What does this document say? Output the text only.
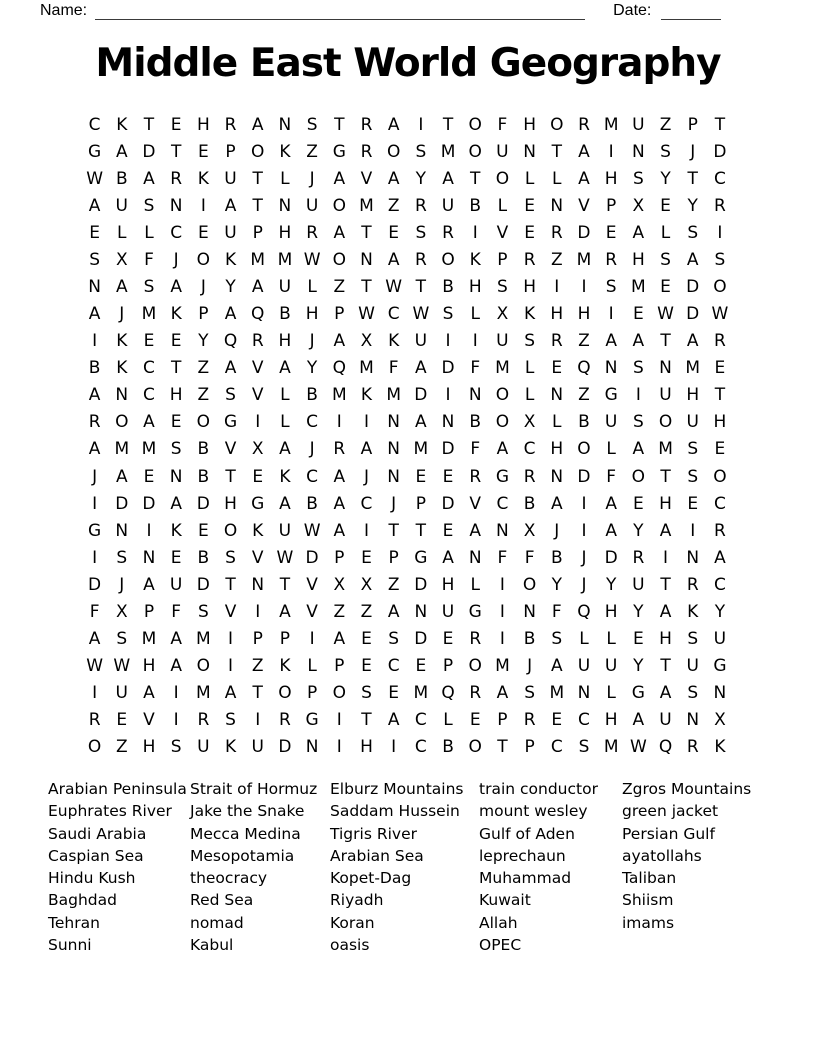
Name:	Date:
Middle East World Geography
C K T E H R A N S T R A	I	T O F H O R M U Z P T
G A D T E P O K Z G R O S M O U N T A	I	N S	J	D
W B A R K U T	L	J	A V A Y A T O L	L A H S Y T C
A U S N	I	A T N U O M Z R U B L	E N V P X E Y R
E	L	L C E U P H R A T E S R	I	V E R D E A L	S	I
S X F	J	O K M M W O N A R O K P R Z M R H S A S
N A S A	J	Y A U L Z T W T B H S H	I	I	S M E D O
A	J	M K P A Q B H P W C W S	L X K H H	I	E W D W
I	K E E Y Q R H	J	A X K U	I	I	U S R Z A A T A R
B K C T Z A V A Y Q M F A D F M L	E Q N S N M E
A N C H Z S V L B M K M D	I	N O L N Z G	I	U H T
R O A E O G	I	L C	I	I	N A N B O X L B U S O U H
A M M S B V X A	J	R A N M D F A C H O L A M S E
J	A E N B T E K C A	J	N E E R G R N D F O T S O
I	D D A D H G A B A C	J	P D V C B A	I	A E H E C
G N	I	K E O K U W A	I	T T E A N X	J	I	A Y A	I	R
I	S N E B S V W D P E P G A N F	F B	J	D R	I	N A
D	J	A U D T N T V X X Z D H L	I	O Y	J	Y U T R C
F X P	F S V	I	A V Z Z A N U G	I	N F Q H Y A K Y
A S M A M	I	P P	I	A E S D E R	I	B S	L	L	E H S U
W W H A O	I	Z K L	P E C E P O M	J	A U U Y T U G
I	U A	I	M A T O P O S E M Q R A S M N L G A S N
R E V	I	R S	I	R G	I	T A C L	E P R E C H A U N X
O Z H S U K U D N	I	H	I	C B O T P C S M W Q R K
Arabian Peninsula
Euphrates River
Saudi Arabia
Caspian Sea
Hindu Kush
Baghdad
Tehran
Sunni
Strait of Hormuz
Jake the Snake
Mecca Medina
Mesopotamia
theocracy
Red Sea
nomad
Kabul
Elburz Mountains
Saddam Hussein
Tigris River
Arabian Sea
Kopet-Dag
Riyadh
Koran
oasis
train conductor
mount wesley
Gulf of Aden
leprechaun
Muhammad
Kuwait
Allah
OPEC
Zgros Mountains
green jacket
Persian Gulf
ayatollahs
Taliban
Shiism
imams
